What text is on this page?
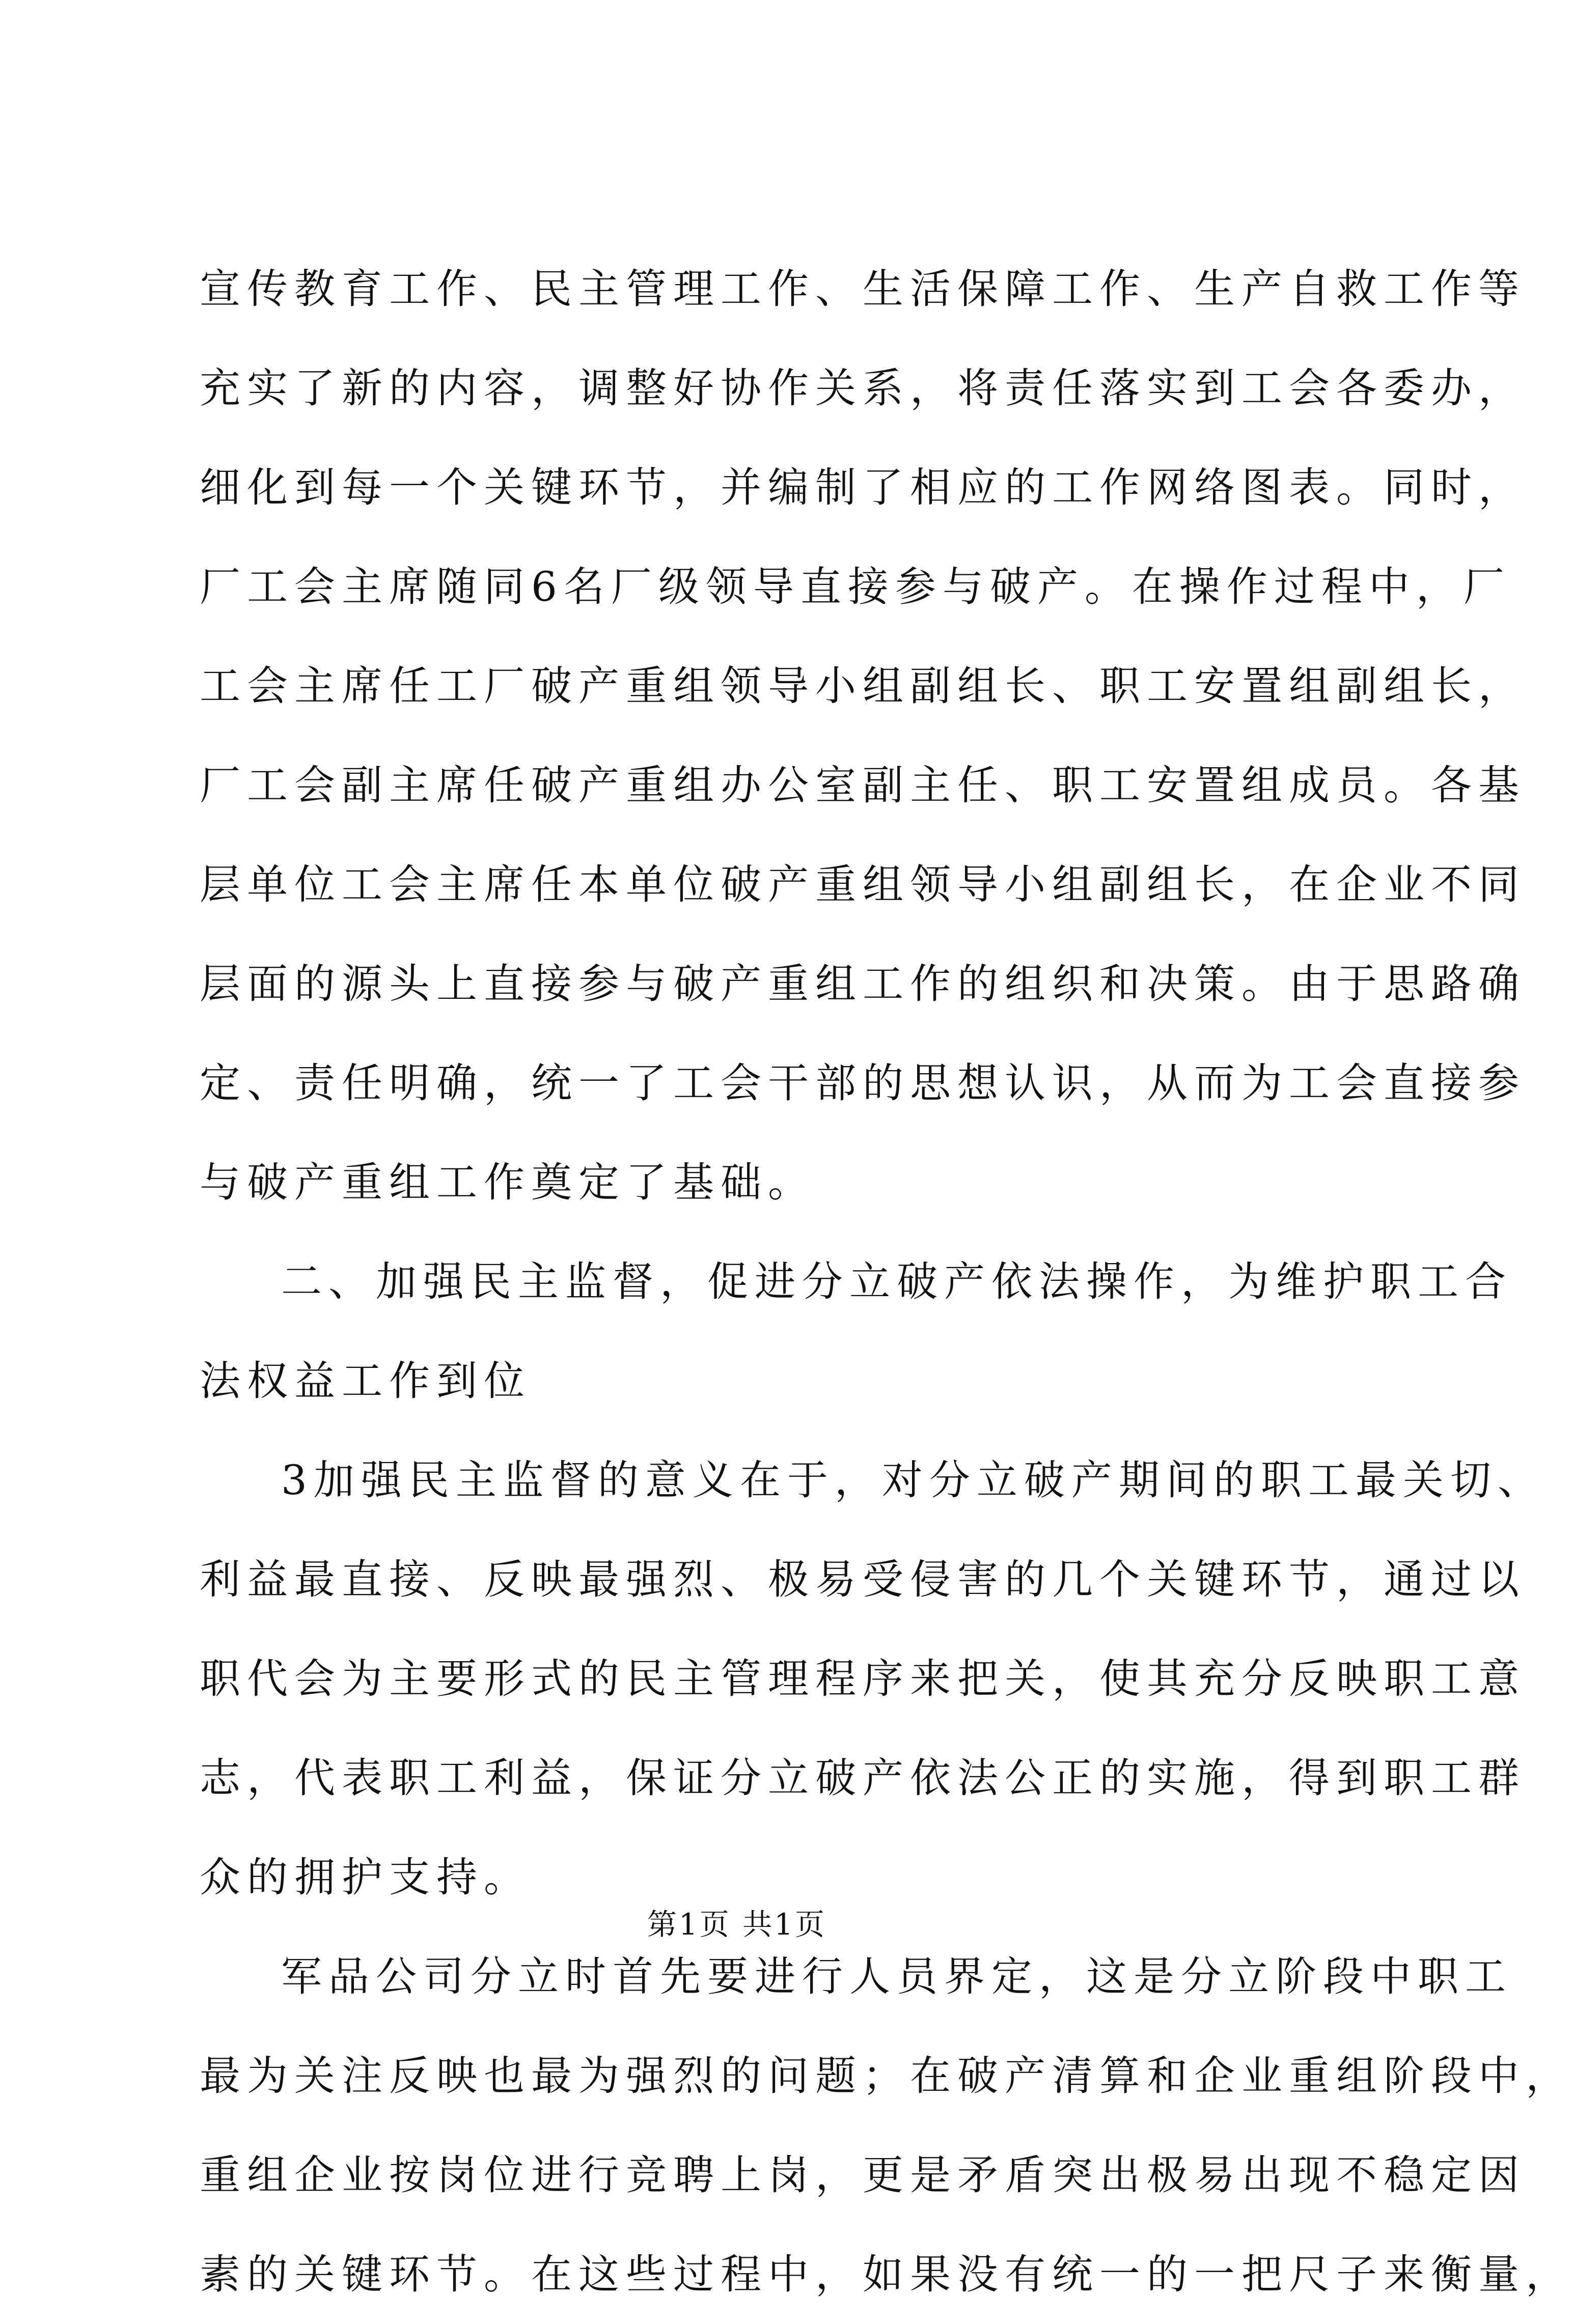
宣传教育工作、民主管理工作、生活保障工作、生产自救工作等
充实了新的内容，调整好协作关系，将责任落实到工会各委办，
细化到每一个关键环节，并编制了相应的工作网络图表。同时，
厂工会主席随同6名厂级领导直接参与破产。在操作过程中，厂
工会主席任工厂破产重组领导小组副组长、职工安置组副组长，
厂工会副主席任破产重组办公室副主任、职工安置组成员。各基
层单位工会主席任本单位破产重组领导小组副组长，在企业不同
层面的源头上直接参与破产重组工作的组织和决策。由于思路确
定、责任明确，统一了工会干部的思想认识，从而为工会直接参
与破产重组工作奠定了基础。
二、加强民主监督，促进分立破产依法操作，为维护职工合
法权益工作到位
3加强民主监督的意义在于，对分立破产期间的职工最关切、
利益最直接、反映最强烈、极易受侵害的几个关键环节，通过以
职代会为主要形式的民主管理程序来把关，使其充分反映职工意
志，代表职工利益，保证分立破产依法公正的实施，得到职工群
众的拥护支持。
军品公司分立时首先要进行人员界定，这是分立阶段中职工
最为关注反映也最为强烈的问题；在破产清算和企业重组阶段中，
重组企业按岗位进行竞聘上岗，更是矛盾突出极易出现不稳定因
素的关键环节。在这些过程中，如果没有统一的一把尺子来衡量，
第1页 共1页
